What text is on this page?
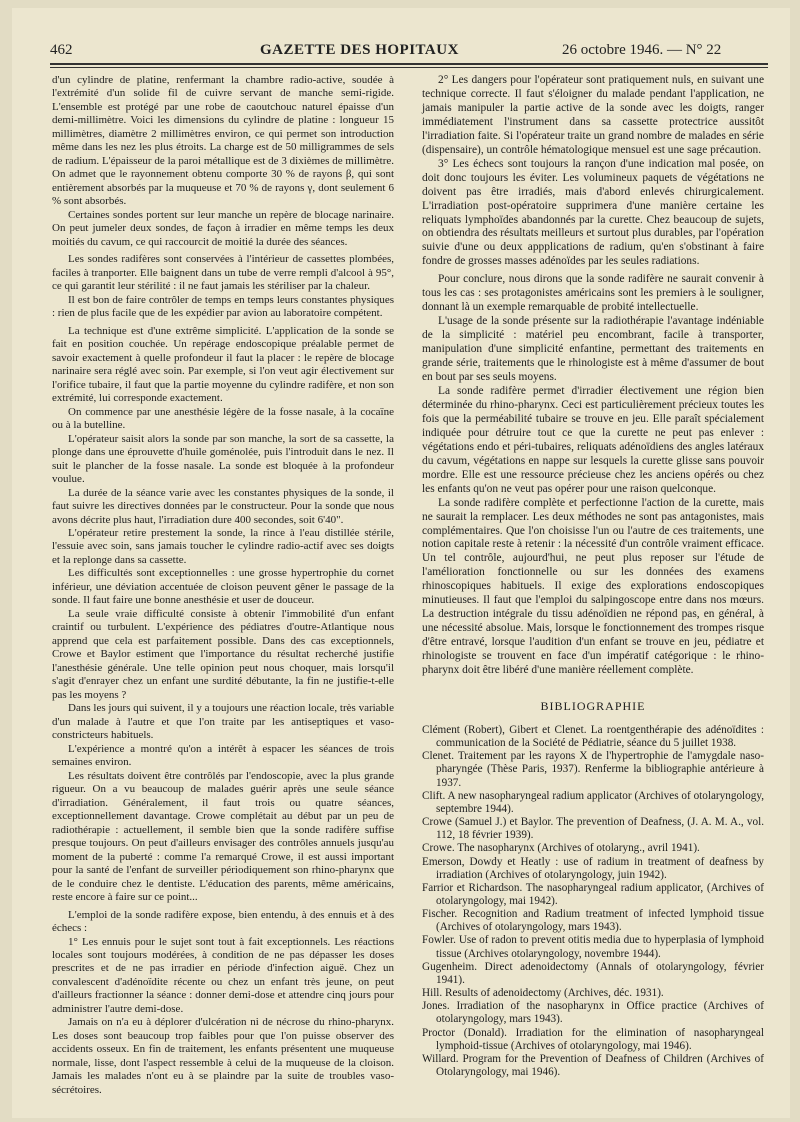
462	GAZETTE DES HOPITAUX	26 octobre 1946. — N° 22

d'un cylindre de platine, renfermant la chambre radio-active, soudée à l'extrémité d'un solide fil de cuivre servant de manche semi-rigide. L'ensemble est protégé par une robe de caoutchouc naturel épaisse d'un demi-millimètre. Voici les dimensions du cylindre de platine : longueur 15 millimètres, diamètre 2 millimètres environ, ce qui permet son introduction même dans les nez les plus étroits. La charge est de 50 milligrammes de sels de radium. L'épaisseur de la paroi métallique est de 3 dixièmes de millimètre. On admet que le rayonnement obtenu comporte 30 % de rayons β, qui sont entièrement absorbés par la muqueuse et 70 % de rayons γ, dont seulement 6 % sont absorbés.

Certaines sondes portent sur leur manche un repère de blocage narinaire. On peut jumeler deux sondes, de façon à irradier en même temps les deux moitiés du cavum, ce qui raccourcit de moitié la durée des séances.

Les sondes radifères sont conservées à l'intérieur de cassettes plombées, faciles à tranporter. Elle baignent dans un tube de verre rempli d'alcool à 95°, ce qui garantit leur stérilité : il ne faut jamais les stériliser par la chaleur.

Il est bon de faire contrôler de temps en temps leurs constantes physiques : rien de plus facile que de les expédier par avion au laboratoire compétent.

La technique est d'une extrême simplicité. L'application de la sonde se fait en position couchée. Un repérage endoscopique préalable permet de savoir exactement à quelle profondeur il faut la placer : le repère de blocage narinaire sera réglé avec soin. Par exemple, si l'on veut agir électivement sur l'orifice tubaire, il faut que la partie moyenne du cylindre radifère, et non son extrémité, lui corresponde exactement.

On commence par une anesthésie légère de la fosse nasale, à la cocaïne ou à la butelline.

L'opérateur saisit alors la sonde par son manche, la sort de sa cassette, la plonge dans une éprouvette d'huile goménolée, puis l'introduit dans le nez. Il suit le plancher de la fosse nasale. La sonde est bloquée à la profondeur voulue.

La durée de la séance varie avec les constantes physiques de la sonde, il faut suivre les directives données par le constructeur. Pour la sonde que nous avons décrite plus haut, l'irradiation dure 400 secondes, soit 6'40".

L'opérateur retire prestement la sonde, la rince à l'eau distillée stérile, l'essuie avec soin, sans jamais toucher le cylindre radio-actif avec ses doigts et la replonge dans sa cassette.

Les difficultés sont exceptionnelles : une grosse hypertrophie du cornet inférieur, une déviation accentuée de cloison peuvent gêner le passage de la sonde. Il faut faire une bonne anesthésie et user de douceur.

La seule vraie difficulté consiste à obtenir l'immobilité d'un enfant craintif ou turbulent. L'expérience des pédiatres d'outre-Atlantique nous apprend que cela est parfaitement possible. Dans des cas exceptionnels, Crowe et Baylor estiment que l'importance du résultat recherché justifie l'anesthésie générale. Une telle opinion peut nous choquer, mais lorsqu'il s'agit d'enrayer chez un enfant une surdité débutante, la fin ne justifie-t-elle pas les moyens ?

Dans les jours qui suivent, il y a toujours une réaction locale, très variable d'un malade à l'autre et que l'on traite par les antiseptiques et vaso-constricteurs habituels.

L'expérience a montré qu'on a intérêt à espacer les séances de trois semaines environ.

Les résultats doivent être contrôlés par l'endoscopie, avec la plus grande rigueur. On a vu beaucoup de malades guérir après une seule séance d'irradiation. Généralement, il faut trois ou quatre séances, exceptionnellement davantage. Crowe complétait au début par un peu de radiothérapie : actuellement, il semble bien que la sonde radifère suffise presque toujours. On peut d'ailleurs envisager des contrôles annuels jusqu'au moment de la puberté : comme l'a remarqué Crowe, il est aussi important pour la santé de l'enfant de surveiller périodiquement son rhino-pharynx que de le conduire chez le dentiste. L'éducation des parents, même américains, reste encore à faire sur ce point...

L'emploi de la sonde radifère expose, bien entendu, à des ennuis et à des échecs :

1° Les ennuis pour le sujet sont tout à fait exceptionnels. Les réactions locales sont toujours modérées, à condition de ne pas dépasser les doses prescrites et de ne pas irradier en période d'infection aiguë. Chez un convalescent d'adénoïdite récente ou chez un enfant très jeune, on peut d'ailleurs fractionner la séance : donner demi-dose et attendre cinq jours pour administrer l'autre demi-dose.

Jamais on n'a eu à déplorer d'ulcération ni de nécrose du rhino-pharynx. Les doses sont beaucoup trop faibles pour que l'on puisse observer des accidents osseux. En fin de traitement, les enfants présentent une muqueuse normale, lisse, dont l'aspect ressemble à celui de la muqueuse de la cloison. Jamais les malades n'ont eu à se plaindre par la suite de troubles vaso-sécrétoires.

2° Les dangers pour l'opérateur sont pratiquement nuls, en suivant une technique correcte. Il faut s'éloigner du malade pendant l'application, ne jamais manipuler la partie active de la sonde avec les doigts, ranger immédiatement l'instrument dans sa cassette protectrice aussitôt l'irradiation faite. Si l'opérateur traite un grand nombre de malades en série (dispensaire), un contrôle hématologique mensuel est une sage précaution.

3° Les échecs sont toujours la rançon d'une indication mal posée, on doit donc toujours les éviter. Les volumineux paquets de végétations ne doivent pas être irradiés, mais d'abord enlevés chirurgicalement. L'irradiation post-opératoire supprimera d'une manière certaine les reliquats lymphoïdes abandonnés par la curette. Chez beaucoup de sujets, on obtiendra des résultats meilleurs et surtout plus durables, par l'opération suivie d'une ou deux appplications de radium, qu'en s'obstinant à faire fondre de grosses masses adénoïdes par les seules radiations.

Pour conclure, nous dirons que la sonde radifère ne saurait convenir à tous les cas : ses protagonistes américains sont les premiers à le souligner, donnant là un exemple remarquable de probité intellectuelle.

L'usage de la sonde présente sur la radiothérapie l'avantage indéniable de la simplicité : matériel peu encombrant, facile à transporter, manipulation d'une simplicité enfantine, permettant des traitements en grande série, traitements que le rhinologiste est à même d'assumer de bout en bout par ses seuls moyens.

La sonde radifère permet d'irradier électivement une région bien déterminée du rhino-pharynx. Ceci est particulièrement précieux toutes les fois que la perméabilité tubaire se trouve en jeu. Elle paraît spécialement indiquée pour détruire tout ce que la curette ne peut pas enlever : végétations endo et péri-tubaires, reliquats adénoïdiens des angles latéraux du cavum, végétations en nappe sur lesquels la curette glisse sans pouvoir mordre. Elle est une ressource précieuse chez les anciens opérés ou chez les enfants qu'on ne veut pas opérer pour une raison quelconque.

La sonde radifère complète et perfectionne l'action de la curette, mais ne saurait la remplacer. Les deux méthodes ne sont pas antagonistes, mais complémentaires. Que l'on choisisse l'un ou l'autre de ces traitements, une notion capitale reste à retenir : la nécessité d'un contrôle vraiment efficace. Un tel contrôle, aujourd'hui, ne peut plus reposer sur l'étude de l'amélioration fonctionnelle ou sur les données des examens rhinoscopiques habituels. Il exige des explorations endoscopiques minutieuses. Il faut que l'emploi du salpingoscope entre dans nos mœurs. La destruction intégrale du tissu adénoïdien ne répond pas, en général, à une nécessité absolue. Mais, lorsque le fonctionnement des trompes risque d'être entravé, lorsque l'audition d'un enfant se trouve en jeu, pédiatre et rhinologiste se trouvent en face d'un impératif catégorique : le rhino-pharynx doit être libéré d'une manière réellement complète.

BIBLIOGRAPHIE

Clément (Robert), Gibert et Clenet. La roentgenthérapie des adénoïdites : communication de la Société de Pédiatrie, séance du 5 juillet 1938.

Clenet. Traitement par les rayons X de l'hypertrophie de l'amygdale naso-pharyngée (Thèse Paris, 1937). Renferme la bibliographie antérieure à 1937.

Clift. A new nasopharyngeal radium applicator (Archives of otolaryngology, septembre 1944).

Crowe (Samuel J.) et Baylor. The prevention of Deafness, (J. A. M. A., vol. 112, 18 février 1939).

Crowe. The nasopharynx (Archives of otolaryng., avril 1941).

Emerson, Dowdy et Heatly : use of radium in treatment of deafness by irradiation (Archives of otolaryngology, juin 1942).

Farrior et Richardson. The nasopharyngeal radium applicator, (Archives of otolaryngology, mai 1942).

Fischer. Recognition and Radium treatment of infected lymphoid tissue (Archives of otolaryngology, mars 1943).

Fowler. Use of radon to prevent otitis media due to hyperplasia of lymphoid tissue (Archives otolaryngology, novembre 1944).

Gugenheim. Direct adenoidectomy (Annals of otolaryngology, février 1941).

Hill. Results of adenoidectomy (Archives, déc. 1931).

Jones. Irradiation of the nasopharynx in Office practice (Archives of otolaryngology, mars 1943).

Proctor (Donald). Irradiation for the elimination of nasopharyngeal lymphoid-tissue (Archives of otolaryngology, mai 1946).

Willard. Program for the Prevention of Deafness of Children (Archives of Otolaryngology, mai 1946).
